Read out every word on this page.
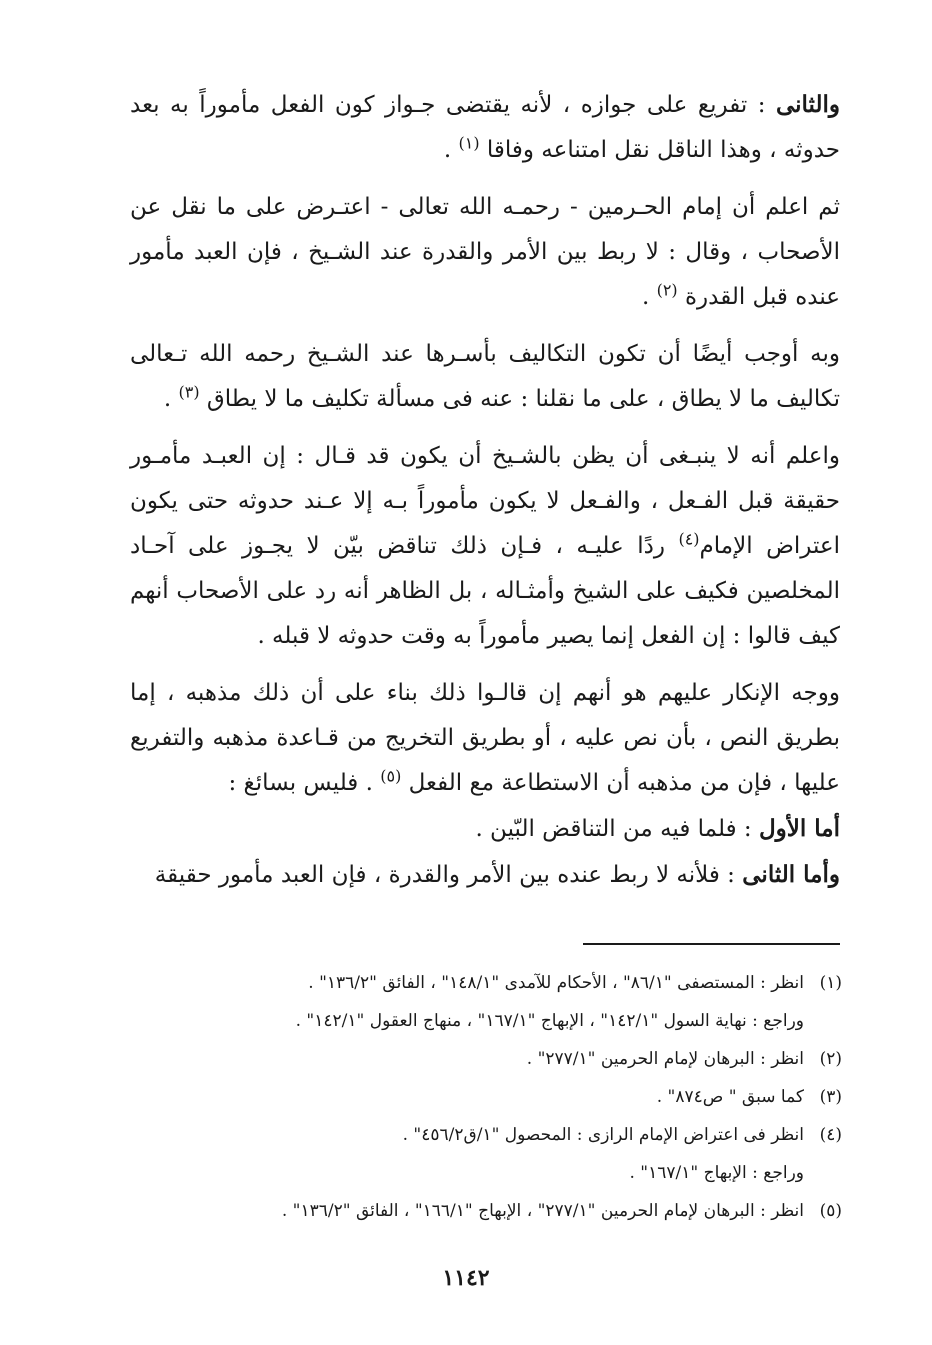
والثانى : تفريع على جوازه ، لأنه يقتضى جـواز كون الفعل مأموراً به بعد حدوثه ، وهذا الناقل نقل امتناعه وفاقا $^{(١)}$ .

ثم اعلم أن إمام الحـرمين - رحمـه الله تعالى - اعتـرض على ما نقل عن الأصحاب ، وقال : لا ربط بين الأمر والقدرة عند الشـيخ ، فإن العبد مأمور عنده قبل القدرة $^{(٢)}$ .

وبه أوجب أيضًا أن تكون التكاليف بأسـرها عند الشـيخ رحمه الله تـعالى تكاليف ما لا يطاق ، على ما نقلنا : عنه فى مسألة تكليف ما لا يطاق $^{(٣)}$ .

واعلم أنه لا ينبـغى أن يظن بالشـيخ أن يكون قد قـال : إن العبـد مأمـور حقيقة قبل الفـعل ، والفـعل لا يكون مأموراً بـه إلا عـند حدوثه حتى يكون اعتراض الإمام$^{(٤)}$ ردًا عليـه ، فـإن ذلك تناقض بيّن لا يجـوز على آحـاد المخلصين فكيف على الشيخ وأمثـاله ، بل الظاهر أنه رد على الأصحاب أنهم كيف قالوا : إن الفعل إنما يصير مأموراً به وقت حدوثه لا قبله .

ووجه الإنكار عليهم هو أنهم إن قالـوا ذلك بناء على أن ذلك مذهبه ، إما بطريق النص ، بأن نص عليه ، أو بطريق التخريج من قـاعدة مذهبه والتفريع عليها ، فإن من مذهبه أن الاستطاعة مع الفعل $^{(٥)}$ . فليس بسائغ :

أما الأول : فلما فيه من التناقض البّين .

وأما الثانى : فلأنه لا ربط عنده بين الأمر والقدرة ، فإن العبد مأمور حقيقة

(١)انظر : المستصفى "٨٦/١" ، الأحكام للآمدى "١٤٨/١" ، الفائق "١٣٦/٢" .
وراجع : نهاية السول "١٤٢/١" ، الإبهاج "١٦٧/١" ، منهاج العقول "١٤٢/١" .
(٢)انظر : البرهان لإمام الحرمين "٢٧٧/١" .
(٣)كما سبق " ص٨٧٤" .
(٤)انظر فى اعتراض الإمام الرازى : المحصول "١/ق٤٥٦/٢" .
وراجع : الإبهاج "١٦٧/١" .
(٥)انظر : البرهان لإمام الحرمين "٢٧٧/١" ، الإبهاج "١٦٦/١" ، الفائق "١٣٦/٢" .
١١٤٢
